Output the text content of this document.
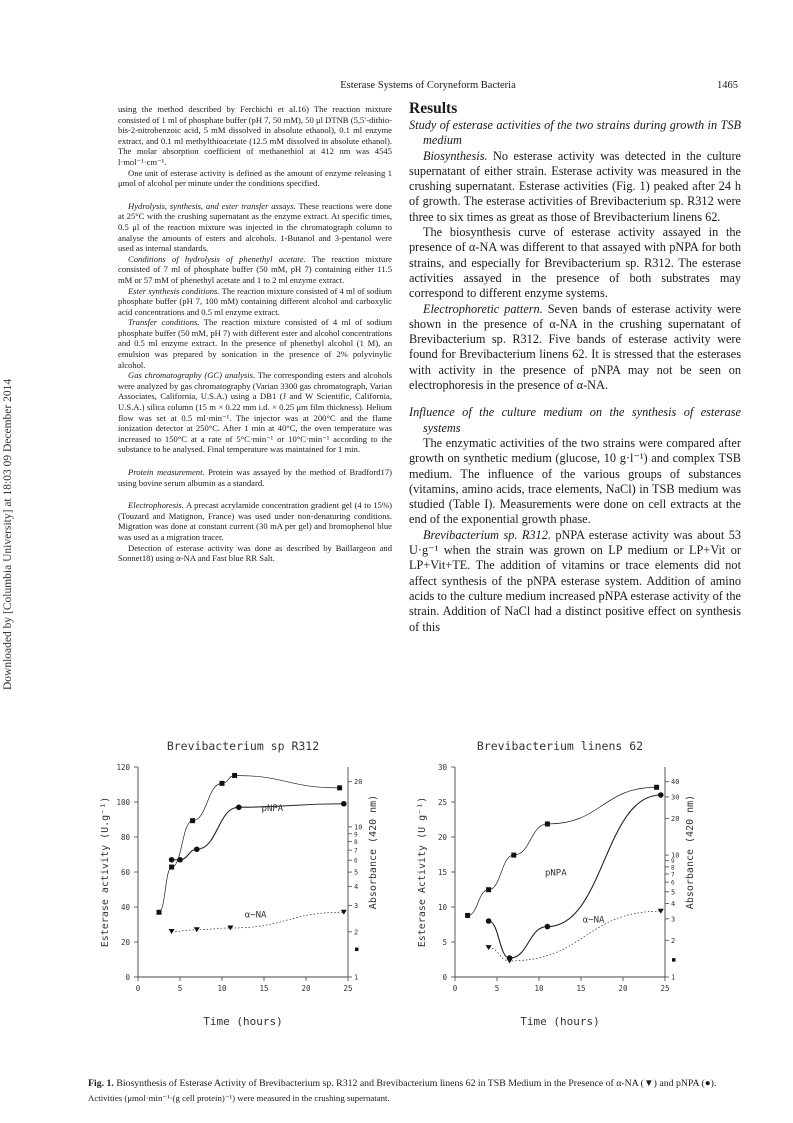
Esterase Systems of Coryneform Bacteria	1465
Downloaded by [Columbia University] at 18:03 09 December 2014

using the method described by Ferchichi et al.16) The reaction mixture consisted of 1 ml of phosphate buffer (pH 7, 50 mM), 50 μl DTNB (5,5′-dithio-bis-2-nitrobenzoic acid, 5 mM dissolved in absolute ethanol), 0.1 ml enzyme extract, and 0.1 ml methylthioacetate (12.5 mM dissolved in absolute ethanol). The molar absorption coefficient of methanethiol at 412 nm was 4545 l·mol⁻¹·cm⁻¹.

One unit of esterase activity is defined as the amount of enzyme releasing 1 μmol of alcohol per minute under the conditions specified.

Hydrolysis, synthesis, and ester transfer assays. These reactions were done at 25°C with the crushing supernatant as the enzyme extract. At specific times, 0.5 μl of the reaction mixture was injected in the chromatograph column to analyse the amounts of esters and alcohols. 1-Butanol and 3-pentanol were used as internal standards.

Conditions of hydrolysis of phenethyl acetate. The reaction mixture consisted of 7 ml of phosphate buffer (50 mM, pH 7) containing either 11.5 mM or 57 mM of phenethyl acetate and 1 to 2 ml enzyme extract.

Ester synthesis conditions. The reaction mixture consisted of 4 ml of sodium phosphate buffer (pH 7, 100 mM) containing different alcohol and carboxylic acid concentrations and 0.5 ml enzyme extract.

Transfer conditions. The reaction mixture consisted of 4 ml of sodium phosphate buffer (50 mM, pH 7) with different ester and alcohol concentrations and 0.5 ml enzyme extract. In the presence of phenethyl alcohol (1 M), an emulsion was prepared by sonication in the presence of 2% polyvinylic alcohol.

Gas chromatography (GC) analysis. The corresponding esters and alcohols were analyzed by gas chromatography (Varian 3300 gas chromatograph, Varian Associates, California, U.S.A.) using a DB1 (J and W Scientific, California, U.S.A.) silica column (15 m × 0.22 mm i.d. × 0.25 μm film thickness). Helium flow was set at 0.5 ml·min⁻¹. The injector was at 200°C and the flame ionization detector at 250°C. After 1 min at 40°C, the oven temperature was increased to 150°C at a rate of 5°C·min⁻¹ or 10°C·min⁻¹ according to the substance to be analysed. Final temperature was maintained for 1 min.

Protein measurement. Protein was assayed by the method of Bradford17) using bovine serum albumin as a standard.

Electrophoresis. A precast acrylamide concentration gradient gel (4 to 15%) (Touzard and Matignon, France) was used under non-denaturing conditions. Migration was done at constant current (30 mA per gel) and bromophenol blue was used as a migration tracer.

Detection of esterase activity was done as described by Baillargeon and Sonnet18) using α-NA and Fast blue RR Salt.

Results

Study of esterase activities of the two strains during growth in TSB medium

Biosynthesis. No esterase activity was detected in the culture supernatant of either strain. Esterase activity was measured in the crushing supernatant. Esterase activities (Fig. 1) peaked after 24 h of growth. The esterase activities of Brevibacterium sp. R312 were three to six times as great as those of Brevibacterium linens 62.

The biosynthesis curve of esterase activity assayed in the presence of α-NA was different to that assayed with pNPA for both strains, and especially for Brevibacterium sp. R312. The esterase activities assayed in the presence of both substrates may correspond to different enzyme systems.

Electrophoretic pattern. Seven bands of esterase activity were shown in the presence of α-NA in the crushing supernatant of Brevibacterium sp. R312. Five bands of esterase activity were found for Brevibacterium linens 62. It is stressed that the esterases with activity in the presence of pNPA may not be seen on electrophoresis in the presence of α-NA.

Influence of the culture medium on the synthesis of esterase systems

The enzymatic activities of the two strains were compared after growth on synthetic medium (glucose, 10 g·l⁻¹) and complex TSB medium. The influence of the various groups of substances (vitamins, amino acids, trace elements, NaCl) in TSB medium was studied (Table I). Measurements were done on cell extracts at the end of the exponential growth phase.

Brevibacterium sp. R312. pNPA esterase activity was about 53 U·g⁻¹ when the strain was grown on LP medium or LP+Vit or LP+Vit+TE. The addition of vitamins or trace elements did not affect synthesis of the pNPA esterase system. Addition of amino acids to the culture medium increased pNPA esterase activity of the strain. Addition of NaCl had a distinct positive effect on synthesis of this

Brevibacterium sp R312
0	5	10	15	20	25
0
20
40
60
80
100
120
1
2
3
4
5
6
7
8
9
10
20
Time (hours)
Esterase activity (U.g⁻¹)	Absorbance (420 nm)
pNPA
α−NA
Brevibacterium linens 62
0	5	10	15	20	25
0
5
10
15
20
25
30
1
2
3
4
5
6
7
8
9
10
20
30
40
Time (hours)
Esterase Activity (U g⁻¹)	Absorbance (420 nm)
pNPA
α−NA

Fig. 1. Biosynthesis of Esterase Activity of Brevibacterium sp. R312 and Brevibacterium linens 62 in TSB Medium in the Presence of α-NA (▼) and pNPA (●).

Activities (μmol·min⁻¹·(g cell protein)⁻¹) were measured in the crushing supernatant.
